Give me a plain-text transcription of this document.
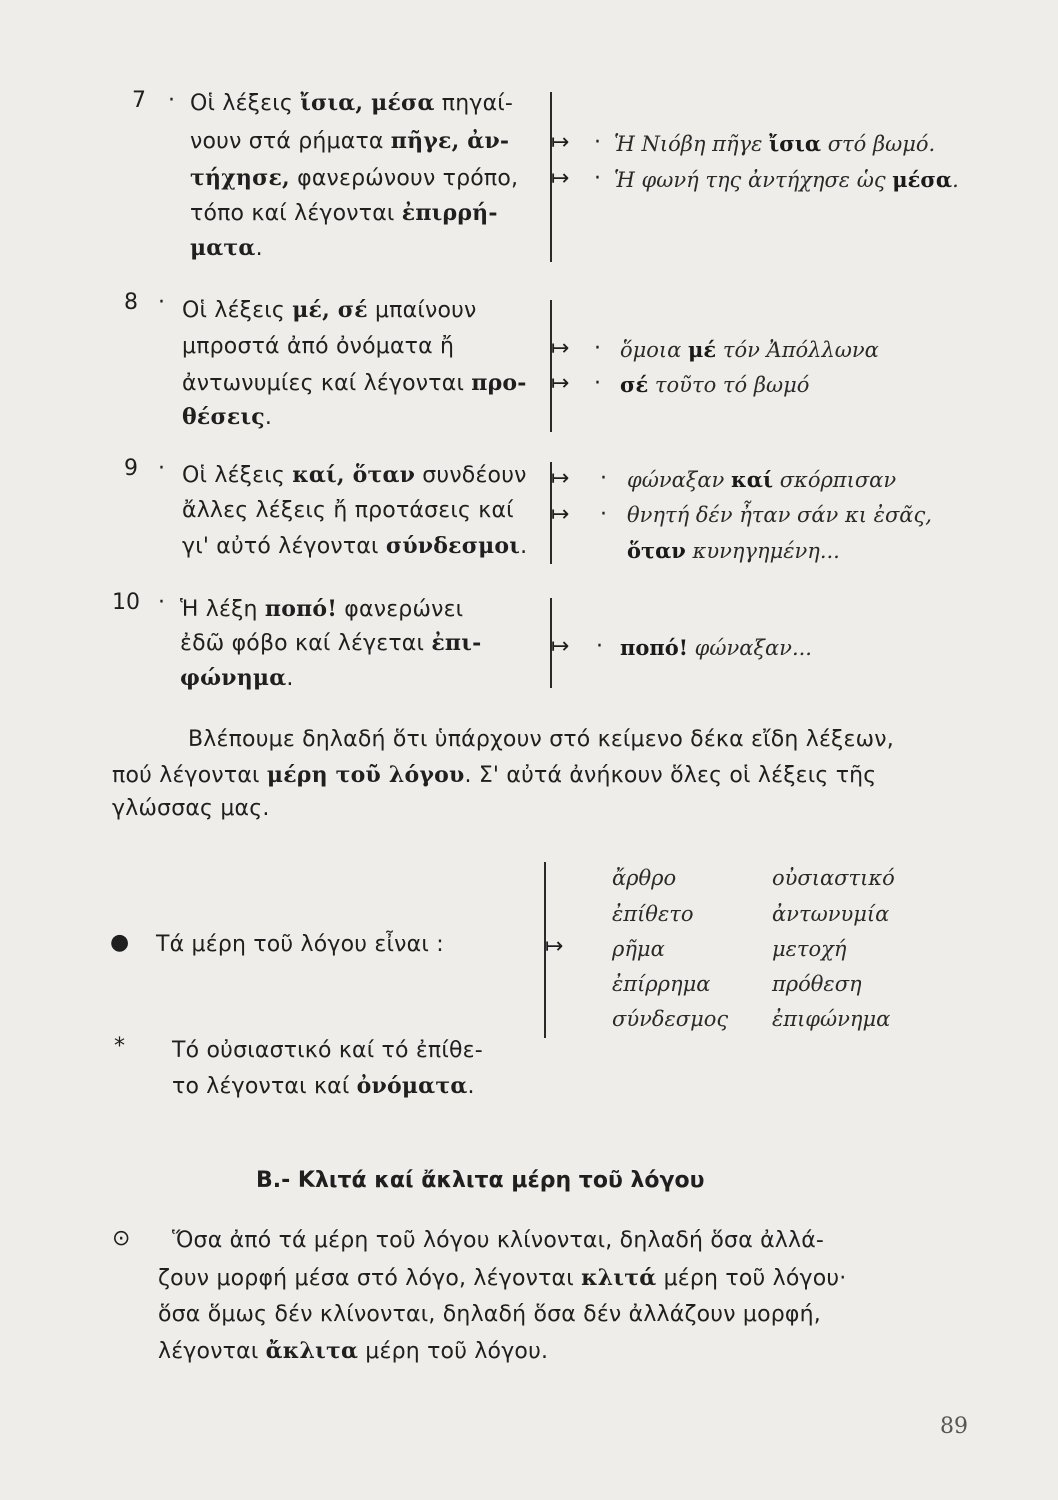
7 · Οἱ λέξεις ἴσια, μέσα πηγαί-
νουν στά ρήματα πῆγε, ἀν-
τήχησε, φανερώνουν τρόπο,
τόπο καί λέγονται ἐπιρρή-
ματα.
↦ · Ἡ Νιόβη πῆγε ἴσια στό βωμό.
↦ · Ἡ φωνή της ἀντήχησε ὡς μέσα.
8 · Οἱ λέξεις μέ, σέ μπαίνουν
μπροστά ἀπό ὀνόματα ἤ
ἀντωνυμίες καί λέγονται προ-
θέσεις.
↦ · ὅμοια μέ τόν Ἀπόλλωνα
↦ · σέ τοῦτο τό βωμό
9 · Οἱ λέξεις καί, ὅταν συνδέουν
ἄλλες λέξεις ἤ προτάσεις καί
γι' αὐτό λέγονται σύνδεσμοι.
↦ · φώναξαν καί σκόρπισαν
↦ · θνητή δέν ἦταν σάν κι ἐσᾶς,
ὅταν κυνηγημένη...
10 · Ἡ λέξη ποπό! φανερώνει
ἐδῶ φόβο καί λέγεται ἐπι-
φώνημα.
↦ · ποπό! φώναξαν...
Βλέπουμε δηλαδή ὅτι ὑπάρχουν στό κείμενο δέκα εἴδη λέξεων,
πού λέγονται μέρη τοῦ λόγου. Σ' αὐτά ἀνήκουν ὅλες οἱ λέξεις τῆς
γλώσσας μας.
● Τά μέρη τοῦ λόγου εἶναι :	↦
ἄρθρο
ἐπίθετο
ρῆμα
ἐπίρρημα
σύνδεσμος
οὐσιαστικό
ἀντωνυμία
μετοχή
πρόθεση
ἐπιφώνημα
* Τό οὐσιαστικό καί τό ἐπίθε-
το λέγονται καί ὀνόματα.
Β.- Κλιτά καί ἄκλιτα μέρη τοῦ λόγου
⊙ Ὅσα ἀπό τά μέρη τοῦ λόγου κλίνονται, δηλαδή ὅσα ἀλλά-
ζουν μορφή μέσα στό λόγο, λέγονται κλιτά μέρη τοῦ λόγου·
ὅσα ὅμως δέν κλίνονται, δηλαδή ὅσα δέν ἀλλάζουν μορφή,
λέγονται ἄκλιτα μέρη τοῦ λόγου.
89
